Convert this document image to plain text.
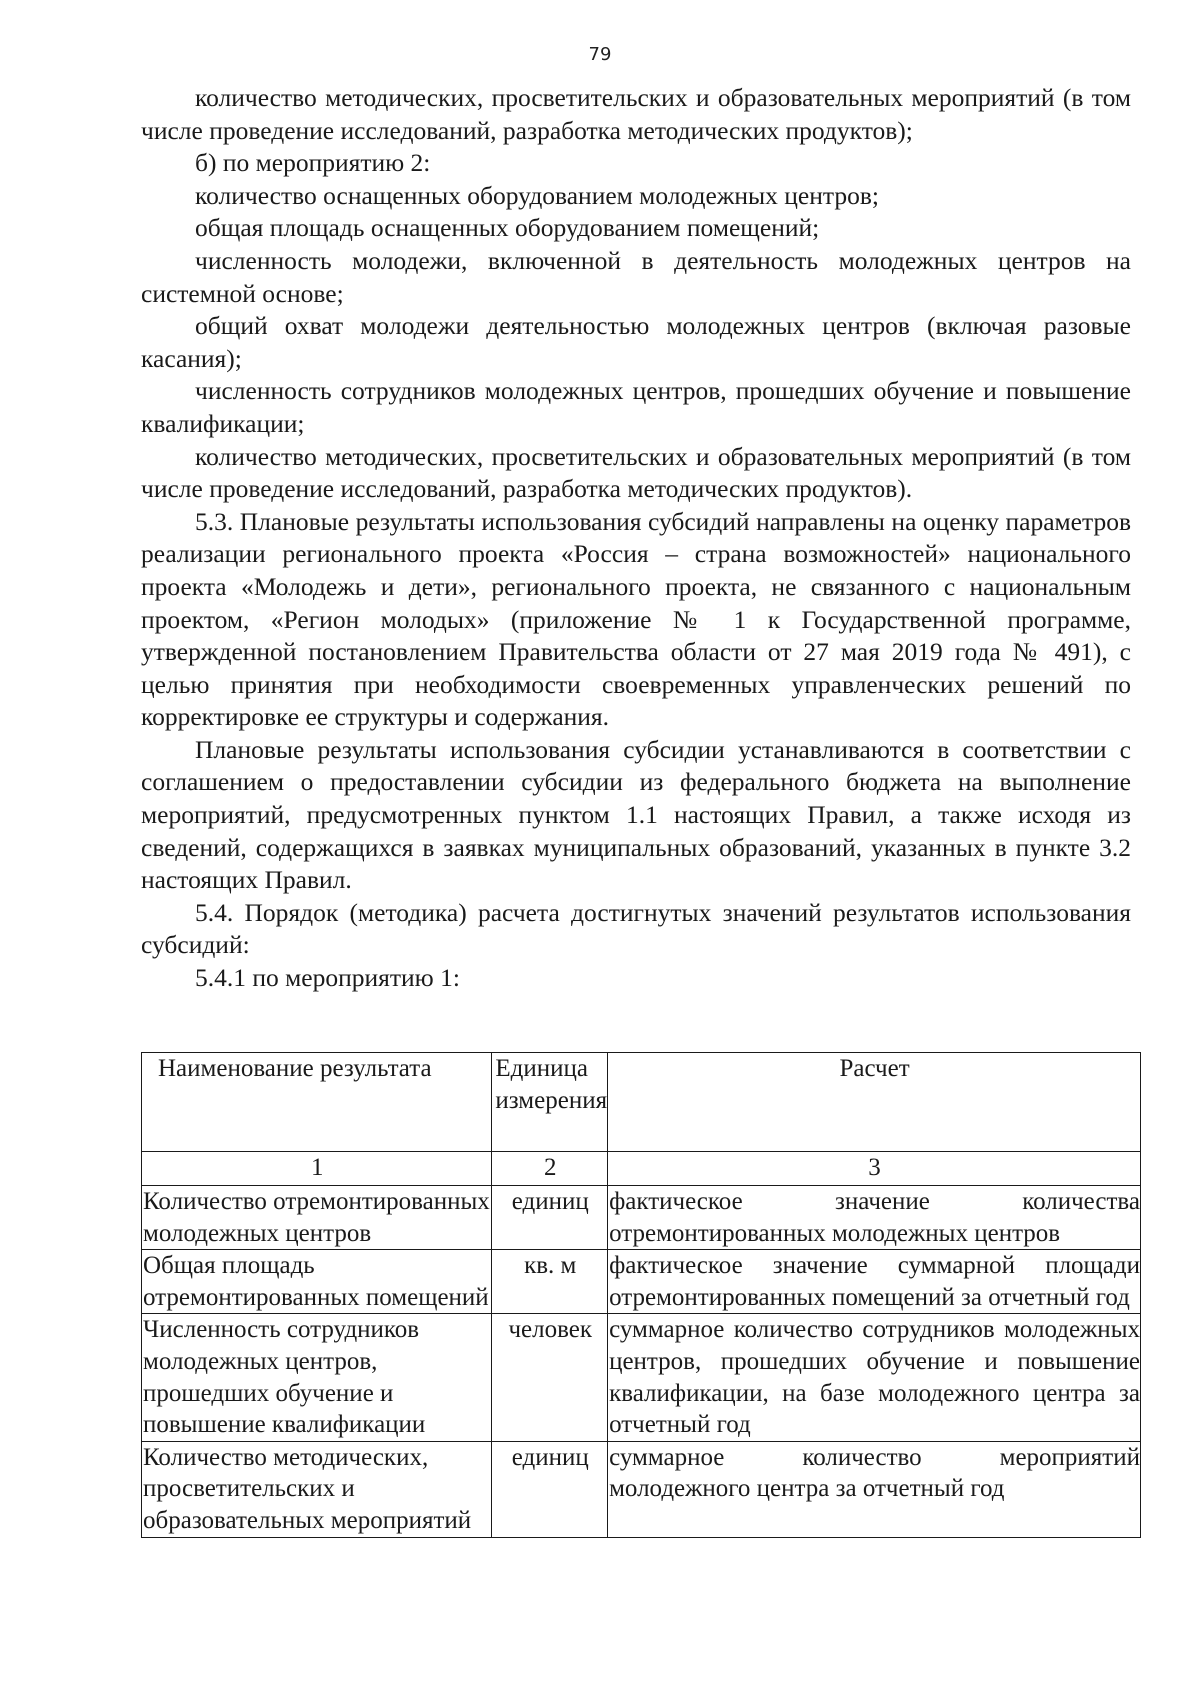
79

количество методических, просветительских и образовательных мероприятий (в том числе проведение исследований, разработка методических продуктов);

б) по мероприятию 2:

количество оснащенных оборудованием молодежных центров;

общая площадь оснащенных оборудованием помещений;

численность молодежи, включенной в деятельность молодежных центров на системной основе;

общий охват молодежи деятельностью молодежных центров (включая разовые касания);

численность сотрудников молодежных центров, прошедших обучение и повышение квалификации;

количество методических, просветительских и образовательных мероприятий (в том числе проведение исследований, разработка методических продуктов).

5.3. Плановые результаты использования субсидий направлены на оценку параметров реализации регионального проекта «Россия – страна возможностей» национального проекта «Молодежь и дети», регионального проекта, не связанного с национальным проектом, «Регион молодых» (приложение № 1 к Государственной программе, утвержденной постановлением Правительства области от 27 мая 2019 года № 491), с целью принятия при необходимости своевременных управленческих решений по корректировке ее структуры и содержания.

Плановые результаты использования субсидии устанавливаются в соответствии с соглашением о предоставлении субсидии из федерального бюджета на выполнение мероприятий, предусмотренных пунктом 1.1 настоящих Правил, а также исходя из сведений, содержащихся в заявках муниципальных образований, указанных в пункте 3.2 настоящих Правил.

5.4. Порядок (методика) расчета достигнутых значений результатов использования субсидий:

5.4.1 по мероприятию 1:

Наименование результата	Единица измерения	Расчет
1	2	3
Количество отремонтированных молодежных центров	единиц	фактическое значение количества отремонтированных молодежных центров
Общая площадь отремонтированных помещений	кв. м	фактическое значение суммарной площади отремонтированных помещений за отчетный год
Численность сотрудников молодежных центров, прошедших обучение и повышение квалификации	человек	суммарное количество сотрудников молодежных центров, прошедших обучение и повышение квалификации, на базе молодежного центра за отчетный год
Количество методических, просветительских и образовательных мероприятий	единиц	суммарное количество мероприятий молодежного центра за отчетный год
